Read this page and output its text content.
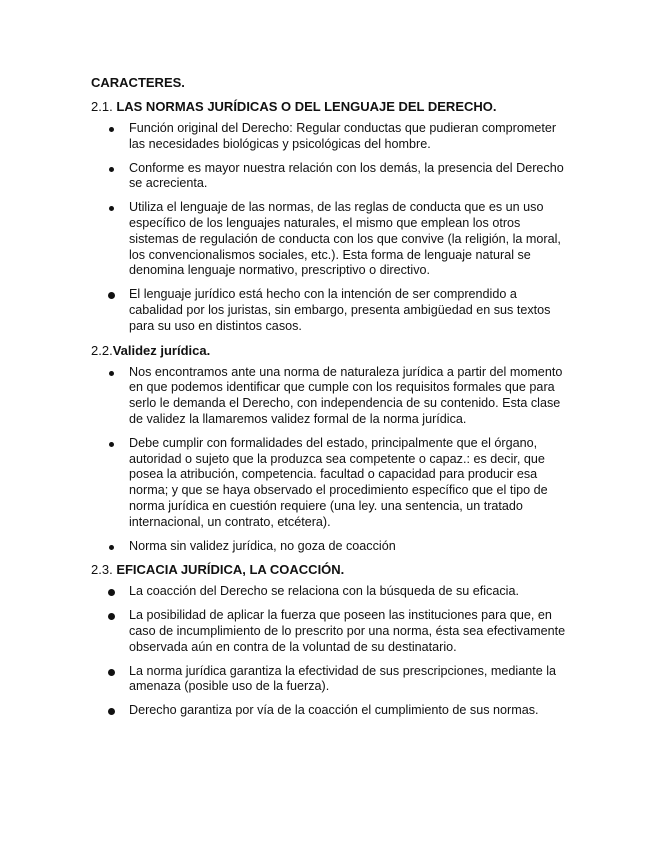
CARACTERES.
2.1. LAS NORMAS JURÍDICAS O DEL LENGUAJE DEL DERECHO.
Función original del Derecho: Regular conductas que pudieran comprometer las necesidades biológicas y psicológicas del hombre.
Conforme es mayor nuestra relación con los demás, la presencia del Derecho se acrecienta.
Utiliza el lenguaje de las normas, de las reglas de conducta que es un uso específico de los lenguajes naturales, el mismo que emplean los otros sistemas de regulación de conducta con los que convive (la religión, la moral, los convencionalismos sociales, etc.). Esta forma de lenguaje natural se denomina lenguaje normativo, prescriptivo o directivo.
El lenguaje jurídico está hecho con la intención de ser comprendido a cabalidad por los juristas, sin embargo, presenta ambigüedad en sus textos para su uso en distintos casos.
2.2.Validez jurídica.
Nos encontramos ante una norma de naturaleza jurídica a partir del momento en que podemos identificar que cumple con los requisitos formales que para serlo le demanda el Derecho, con independencia de su contenido. Esta clase de validez la llamaremos validez formal de la norma jurídica.
Debe cumplir con formalidades del estado, principalmente que el órgano, autoridad o sujeto que la produzca sea competente o capaz.: es decir, que posea la atribución, competencia. facultad o capacidad para producir esa norma; y que se haya observado el procedimiento específico que el tipo de norma jurídica en cuestión requiere (una ley. una sentencia, un tratado internacional, un contrato, etcétera).
Norma sin validez jurídica, no goza de coacción
2.3. EFICACIA JURÍDICA, LA COACCIÓN.
La coacción del Derecho se relaciona con la búsqueda de su eficacia.
La posibilidad de aplicar la fuerza que poseen las instituciones para que, en caso de incumplimiento de lo prescrito por una norma, ésta sea efectivamente observada aún en contra de la voluntad de su destinatario.
La norma jurídica garantiza la efectividad de sus prescripciones, mediante la amenaza (posible uso de la fuerza).
Derecho garantiza por vía de la coacción el cumplimiento de sus normas.
